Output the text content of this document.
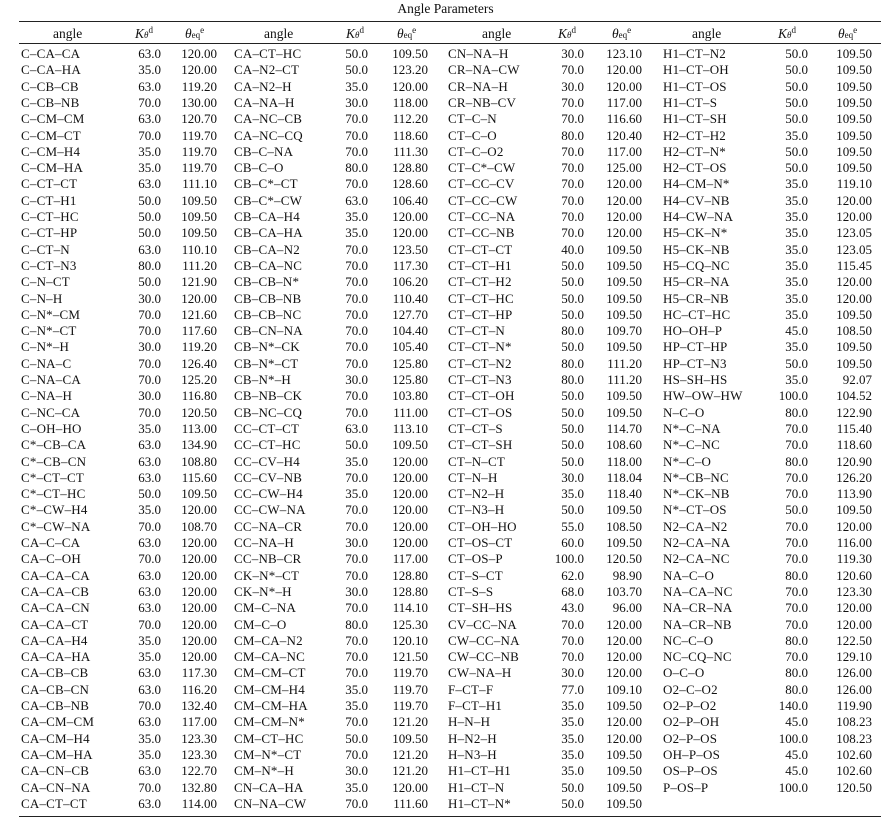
Angle Parameters
angle	$K_\theta^d$ $\theta_{eq}^e$	angle	$K_\theta^d$ $\theta_{eq}^e$	angle	$K_\theta^d$	$\theta_{eq}^e$	angle	$K_\theta^d$	$\theta_{eq}^e$
C–CA–CA	63.0	120.00 CA–CT–HC	50.0	109.50 CN–NA–H	30.0	123.10 H1–CT–N2	50.0	109.50
C–CA–HA	35.0	120.00 CA–N2–CT	50.0	123.20 CR–NA–CW	70.0	120.00 H1–CT–OH	50.0	109.50
C–CB–CB	63.0	119.20 CA–N2–H	35.0	120.00 CR–NA–H	30.0	120.00 H1–CT–OS	50.0	109.50
C–CB–NB	70.0	130.00 CA–NA–H	30.0	118.00 CR–NB–CV	70.0	117.00 H1–CT–S	50.0	109.50
C–CM–CM	63.0	120.70 CA–NC–CB	70.0	112.20 CT–C–N	70.0	116.60 H1–CT–SH	50.0	109.50
C–CM–CT	70.0	119.70 CA–NC–CQ	70.0	118.60 CT–C–O	80.0	120.40 H2–CT–H2	35.0	109.50
C–CM–H4	35.0	119.70 CB–C–NA	70.0	111.30 CT–C–O2	70.0	117.00 H2–CT–N*	50.0	109.50
C–CM–HA	35.0	119.70 CB–C–O	80.0	128.80 CT–C*–CW	70.0	125.00 H2–CT–OS	50.0	109.50
C–CT–CT	63.0	111.10 CB–C*–CT	70.0	128.60 CT–CC–CV	70.0	120.00 H4–CM–N*	35.0	119.10
C–CT–H1	50.0	109.50 CB–C*–CW	63.0	106.40 CT–CC–CW	70.0	120.00 H4–CV–NB	35.0	120.00
C–CT–HC	50.0	109.50 CB–CA–H4	35.0	120.00 CT–CC–NA	70.0	120.00 H4–CW–NA	35.0	120.00
C–CT–HP	50.0	109.50 CB–CA–HA	35.0	120.00 CT–CC–NB	70.0	120.00 H5–CK–N*	35.0	123.05
C–CT–N	63.0	110.10 CB–CA–N2	70.0	123.50 CT–CT–CT	40.0	109.50 H5–CK–NB	35.0	123.05
C–CT–N3	80.0	111.20 CB–CA–NC	70.0	117.30 CT–CT–H1	50.0	109.50 H5–CQ–NC	35.0	115.45
C–N–CT	50.0	121.90 CB–CB–N*	70.0	106.20 CT–CT–H2	50.0	109.50 H5–CR–NA	35.0	120.00
C–N–H	30.0	120.00 CB–CB–NB	70.0	110.40 CT–CT–HC	50.0	109.50 H5–CR–NB	35.0	120.00
C–N*–CM	70.0	121.60 CB–CB–NC	70.0	127.70 CT–CT–HP	50.0	109.50 HC–CT–HC	35.0	109.50
C–N*–CT	70.0	117.60 CB–CN–NA	70.0	104.40 CT–CT–N	80.0	109.70 HO–OH–P	45.0	108.50
C–N*–H	30.0	119.20 CB–N*–CK	70.0	105.40 CT–CT–N*	50.0	109.50 HP–CT–HP	35.0	109.50
C–NA–C	70.0	126.40 CB–N*–CT	70.0	125.80 CT–CT–N2	80.0	111.20 HP–CT–N3	50.0	109.50
C–NA–CA	70.0	125.20 CB–N*–H	30.0	125.80 CT–CT–N3	80.0	111.20 HS–SH–HS	35.0	92.07
C–NA–H	30.0	116.80 CB–NB–CK	70.0	103.80 CT–CT–OH	50.0	109.50 HW–OW–HW	100.0	104.52
C–NC–CA	70.0	120.50 CB–NC–CQ	70.0	111.00 CT–CT–OS	50.0	109.50 N–C–O	80.0	122.90
C–OH–HO	35.0	113.00 CC–CT–CT	63.0	113.10 CT–CT–S	50.0	114.70 N*–C–NA	70.0	115.40
C*–CB–CA	63.0	134.90 CC–CT–HC	50.0	109.50 CT–CT–SH	50.0	108.60 N*–C–NC	70.0	118.60
C*–CB–CN	63.0	108.80 CC–CV–H4	35.0	120.00 CT–N–CT	50.0	118.00 N*–C–O	80.0	120.90
C*–CT–CT	63.0	115.60 CC–CV–NB	70.0	120.00 CT–N–H	30.0	118.04 N*–CB–NC	70.0	126.20
C*–CT–HC	50.0	109.50 CC–CW–H4	35.0	120.00 CT–N2–H	35.0	118.40 N*–CK–NB	70.0	113.90
C*–CW–H4	35.0	120.00 CC–CW–NA	70.0	120.00 CT–N3–H	50.0	109.50 N*–CT–OS	50.0	109.50
C*–CW–NA	70.0	108.70 CC–NA–CR	70.0	120.00 CT–OH–HO	55.0	108.50 N2–CA–N2	70.0	120.00
CA–C–CA	63.0	120.00 CC–NA–H	30.0	120.00 CT–OS–CT	60.0	109.50 N2–CA–NA	70.0	116.00
CA–C–OH	70.0	120.00 CC–NB–CR	70.0	117.00 CT–OS–P	100.0	120.50 N2–CA–NC	70.0	119.30
CA–CA–CA	63.0	120.00 CK–N*–CT	70.0	128.80 CT–S–CT	62.0	98.90 NA–C–O	80.0	120.60
CA–CA–CB	63.0	120.00 CK–N*–H	30.0	128.80 CT–S–S	68.0	103.70 NA–CA–NC	70.0	123.30
CA–CA–CN	63.0	120.00 CM–C–NA	70.0	114.10 CT–SH–HS	43.0	96.00 NA–CR–NA	70.0	120.00
CA–CA–CT	70.0	120.00 CM–C–O	80.0	125.30 CV–CC–NA	70.0	120.00 NA–CR–NB	70.0	120.00
CA–CA–H4	35.0	120.00 CM–CA–N2	70.0	120.10 CW–CC–NA	70.0	120.00 NC–C–O	80.0	122.50
CA–CA–HA	35.0	120.00 CM–CA–NC	70.0	121.50 CW–CC–NB	70.0	120.00 NC–CQ–NC	70.0	129.10
CA–CB–CB	63.0	117.30 CM–CM–CT	70.0	119.70 CW–NA–H	30.0	120.00 O–C–O	80.0	126.00
CA–CB–CN	63.0	116.20 CM–CM–H4	35.0	119.70 F–CT–F	77.0	109.10 O2–C–O2	80.0	126.00
CA–CB–NB	70.0	132.40 CM–CM–HA	35.0	119.70 F–CT–H1	35.0	109.50 O2–P–O2	140.0	119.90
CA–CM–CM	63.0	117.00 CM–CM–N*	70.0	121.20 H–N–H	35.0	120.00 O2–P–OH	45.0	108.23
CA–CM–H4	35.0	123.30 CM–CT–HC	50.0	109.50 H–N2–H	35.0	120.00 O2–P–OS	100.0	108.23
CA–CM–HA	35.0	123.30 CM–N*–CT	70.0	121.20 H–N3–H	35.0	109.50 OH–P–OS	45.0	102.60
CA–CN–CB	63.0	122.70 CM–N*–H	30.0	121.20 H1–CT–H1	35.0	109.50 OS–P–OS	45.0	102.60
CA–CN–NA	70.0	132.80 CN–CA–HA	35.0	120.00 H1–CT–N	50.0	109.50 P–OS–P	100.0	120.50
CA–CT–CT	63.0	114.00 CN–NA–CW	70.0	111.60 H1–CT–N*	50.0	109.50
